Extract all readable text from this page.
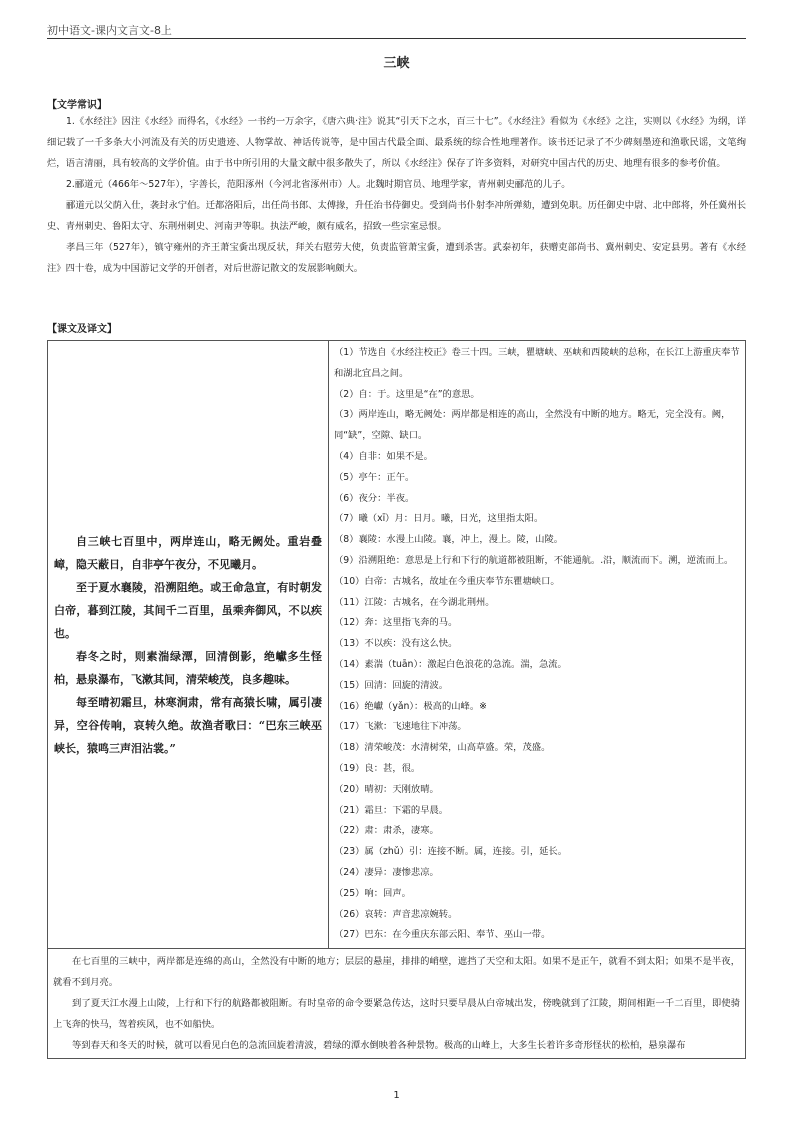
初中语文-课内文言文-8上
三峡
【文学常识】

1.《水经注》因注《水经》而得名，《水经》一书约一万余字，《唐六典·注》说其“引天下之水，百三十七”。《水经注》看似为《水经》之注，实则以《水经》为纲，详细记载了一千多条大小河流及有关的历史遗迹、人物掌故、神话传说等，是中国古代最全面、最系统的综合性地理著作。该书还记录了不少碑刻墨迹和渔歌民谣，文笔绚烂，语言清丽，具有较高的文学价值。由于书中所引用的大量文献中很多散失了，所以《水经注》保存了许多资料，对研究中国古代的历史、地理有很多的参考价值。

2.郦道元（466年～527年），字善长，范阳涿州（今河北省涿州市）人。北魏时期官员、地理学家，青州刺史郦范的儿子。

郦道元以父荫入仕，袭封永宁伯。迁都洛阳后，出任尚书郎、太傅掾，升任治书侍御史。受到尚书仆射李冲所弹劾，遭到免职。历任御史中尉、北中郎将，外任冀州长史、青州刺史、鲁阳太守、东荆州刺史、河南尹等职。执法严峻，颇有威名，招致一些宗室忌恨。

孝昌三年（527年），镇守雍州的齐王萧宝夤出现反状，拜关右慰劳大使，负责监管萧宝夤，遭到杀害。武泰初年，获赠吏部尚书、冀州刺史、安定县男。著有《水经注》四十卷，成为中国游记文学的开创者，对后世游记散文的发展影响颇大。

【课文及译文】

自三峡七百里中，两岸连山，略无阙处。重岩叠嶂，隐天蔽日，自非亭午夜分，不见曦月。

至于夏水襄陵，沿溯阻绝。或王命急宣，有时朝发白帝，暮到江陵，其间千二百里，虽乘奔御风，不以疾也。

春冬之时，则素湍绿潭，回清倒影，绝巘多生怪柏，悬泉瀑布，飞漱其间，清荣峻茂，良多趣味。

每至晴初霜旦，林寒涧肃，常有高猿长啸，属引凄异，空谷传响，哀转久绝。故渔者歌曰：“巴东三峡巫峡长，猿鸣三声泪沾裳。”

（1）节选自《水经注校正》卷三十四。三峡，瞿塘峡、巫峡和西陵峡的总称，在长江上游重庆奉节和湖北宜昌之间。
（2）自：于。这里是“在”的意思。
（3）两岸连山，略无阙处：两岸都是相连的高山，全然没有中断的地方。略无，完全没有。阙，同“缺”，空隙、缺口。
（4）自非：如果不是。
（5）亭午：正午。
（6）夜分：半夜。
（7）曦（xī）月：日月。曦，日光，这里指太阳。
（8）襄陵：水漫上山陵。襄，冲上，漫上。陵，山陵。
（9）沿溯阻绝：意思是上行和下行的航道都被阻断，不能通航。.沿，顺流而下。溯，逆流而上。
（10）白帝：古城名，故址在今重庆奉节东瞿塘峡口。
（11）江陵：古城名，在今湖北荆州。
（12）奔：这里指飞奔的马。
（13）不以疾：没有这么快。
（14）素湍（tuān）：激起白色浪花的急流。湍，急流。
（15）回清：回旋的清波。
（16）绝巘（yǎn）：极高的山峰。※
（17）飞漱：飞速地往下冲荡。
（18）清荣峻茂：水清树荣，山高草盛。荣，茂盛。
（19）良：甚，很。
（20）晴初：天刚放晴。
（21）霜旦：下霜的早晨。
（22）肃：肃杀，凄寒。
（23）属（zhǔ）引：连接不断。属，连接。引，延长。
（24）凄异：凄惨悲凉。
（25）响：回声。
（26）哀转：声音悲凉婉转。
（27）巴东：在今重庆东部云阳、奉节、巫山一带。

在七百里的三峡中，两岸都是连绵的高山，全然没有中断的地方；层层的悬崖，排排的峭壁，遮挡了天空和太阳。如果不是正午，就看不到太阳；如果不是半夜，就看不到月亮。

到了夏天江水漫上山陵，上行和下行的航路都被阻断。有时皇帝的命令要紧急传达，这时只要早晨从白帝城出发，傍晚就到了江陵，期间相距一千二百里，即使骑上飞奔的快马，驾着疾风，也不如船快。

等到春天和冬天的时候，就可以看见白色的急流回旋着清波，碧绿的潭水倒映着各种景物。极高的山峰上，大多生长着许多奇形怪状的松柏，悬泉瀑布

1
